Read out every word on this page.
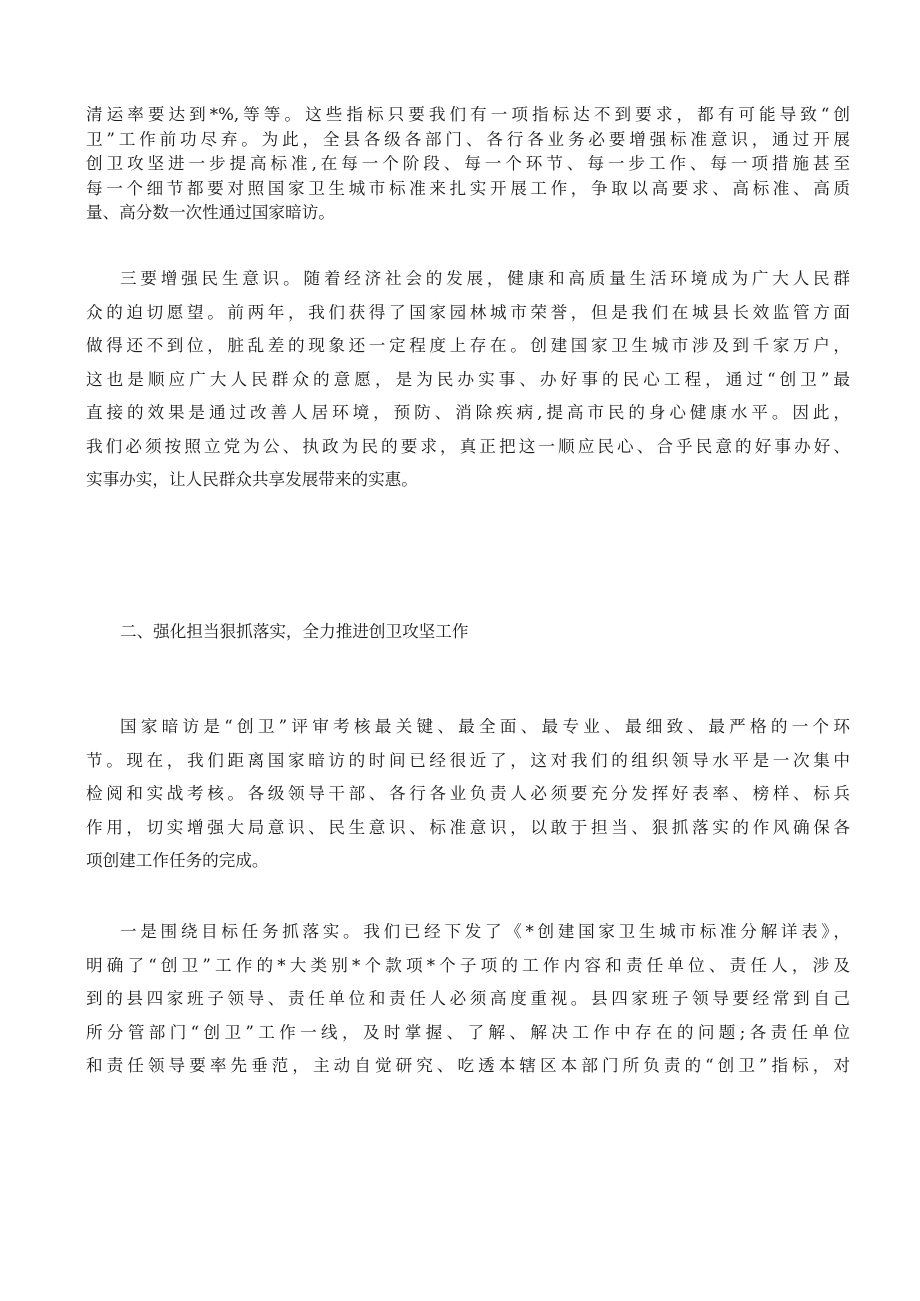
清运率要达到*%,等等。这些指标只要我们有一项指标达不到要求，都有可能导致“创
卫”工作前功尽弃。为此，全县各级各部门、各行各业务必要增强标准意识，通过开展
创卫攻坚进一步提高标准,在每一个阶段、每一个环节、每一步工作、每一项措施甚至
每一个细节都要对照国家卫生城市标准来扎实开展工作，争取以高要求、高标准、高质
量、高分数一次性通过国家暗访。
三要增强民生意识。随着经济社会的发展，健康和高质量生活环境成为广大人民群
众的迫切愿望。前两年，我们获得了国家园林城市荣誉，但是我们在城县长效监管方面
做得还不到位，脏乱差的现象还一定程度上存在。创建国家卫生城市涉及到千家万户，
这也是顺应广大人民群众的意愿，是为民办实事、办好事的民心工程，通过“创卫”最
直接的效果是通过改善人居环境，预防、消除疾病,提高市民的身心健康水平。因此，
我们必须按照立党为公、执政为民的要求，真正把这一顺应民心、合乎民意的好事办好、
实事办实，让人民群众共享发展带来的实惠。
二、强化担当狠抓落实，全力推进创卫攻坚工作
国家暗访是“创卫”评审考核最关键、最全面、最专业、最细致、最严格的一个环
节。现在，我们距离国家暗访的时间已经很近了，这对我们的组织领导水平是一次集中
检阅和实战考核。各级领导干部、各行各业负责人必须要充分发挥好表率、榜样、标兵
作用，切实增强大局意识、民生意识、标准意识，以敢于担当、狠抓落实的作风确保各
项创建工作任务的完成。
一是围绕目标任务抓落实。我们已经下发了《*创建国家卫生城市标准分解详表》，
明确了“创卫”工作的*大类别*个款项*个子项的工作内容和责任单位、责任人，涉及
到的县四家班子领导、责任单位和责任人必须高度重视。县四家班子领导要经常到自己
所分管部门“创卫”工作一线，及时掌握、了解、解决工作中存在的问题;各责任单位
和责任领导要率先垂范，主动自觉研究、吃透本辖区本部门所负责的“创卫”指标，对
